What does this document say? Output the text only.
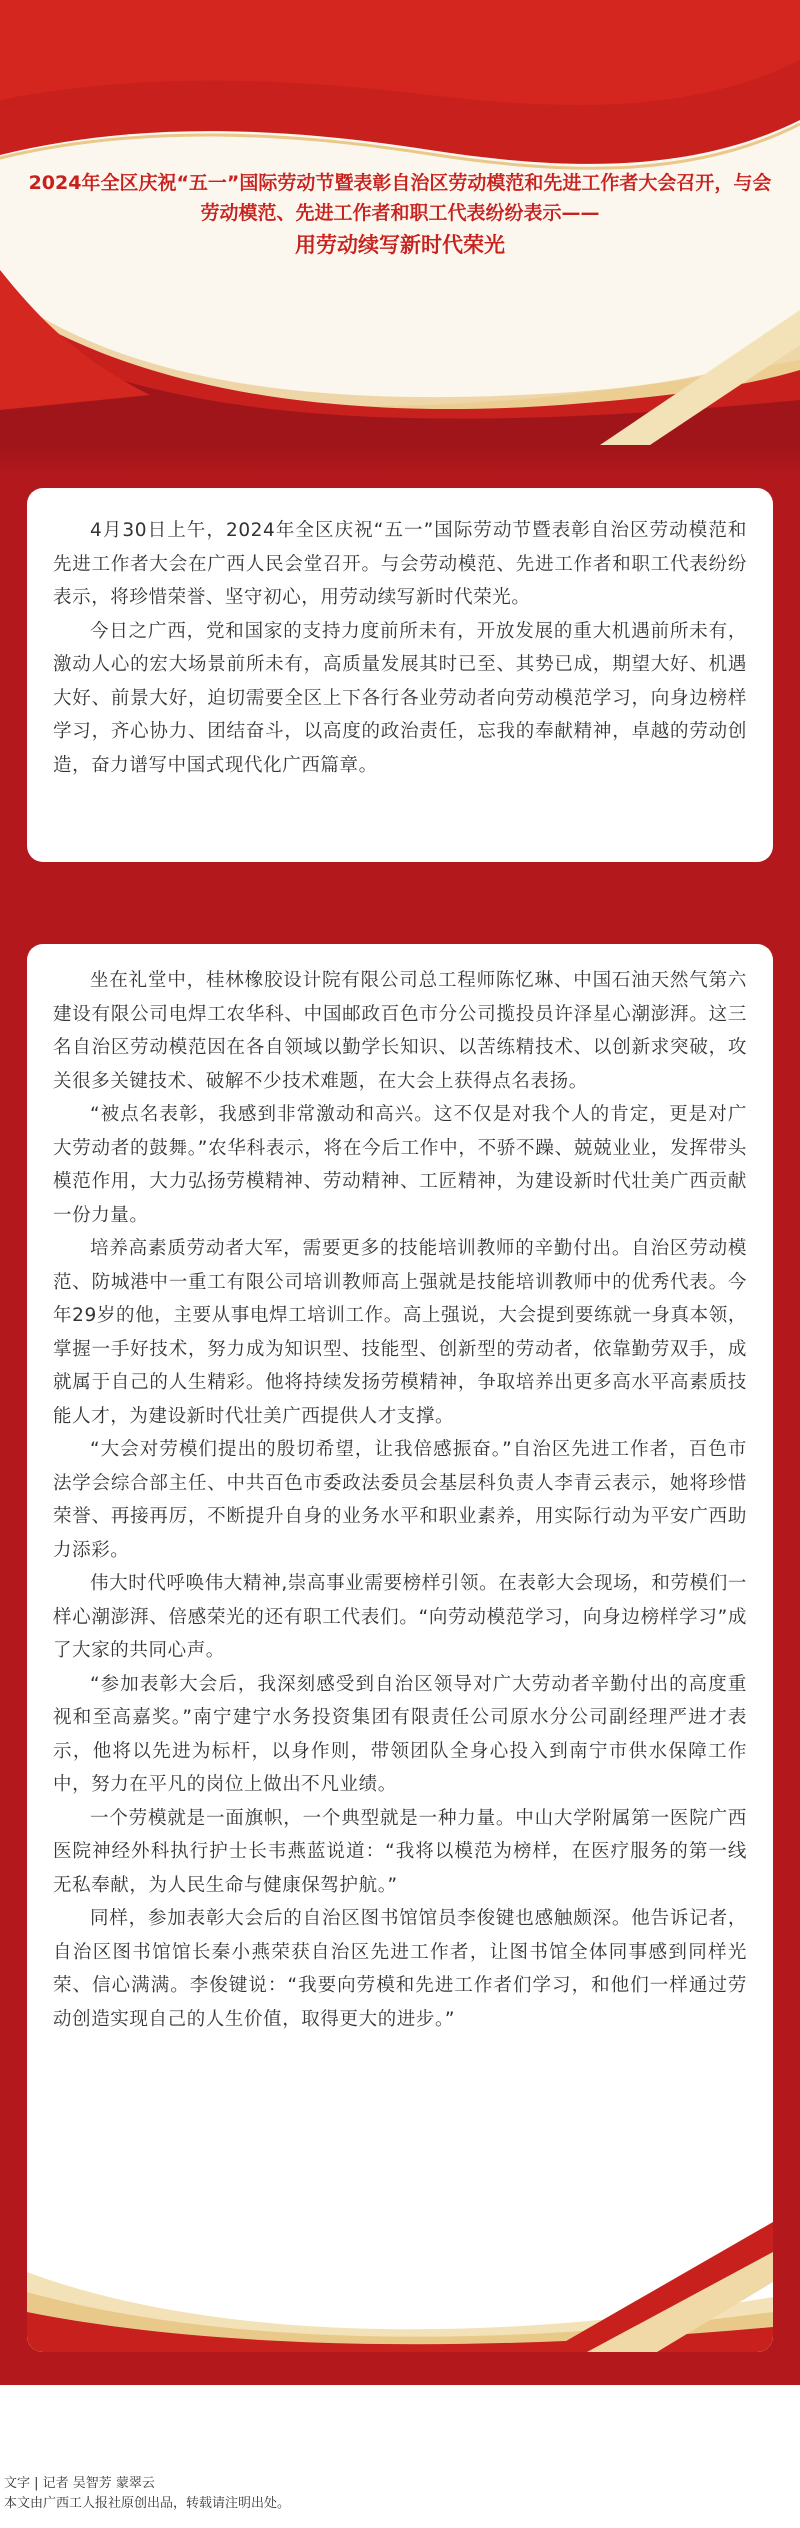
2024年全区庆祝“五一”国际劳动节暨表彰自治区劳动模范和先进工作者大会召开，与会劳动模范、先进工作者和职工代表纷纷表示——
用劳动续写新时代荣光

4月30日上午，2024年全区庆祝“五一”国际劳动节暨表彰自治区劳动模范和先进工作者大会在广西人民会堂召开。与会劳动模范、先进工作者和职工代表纷纷表示，将珍惜荣誉、坚守初心，用劳动续写新时代荣光。

今日之广西，党和国家的支持力度前所未有，开放发展的重大机遇前所未有，激动人心的宏大场景前所未有，高质量发展其时已至、其势已成，期望大好、机遇大好、前景大好，迫切需要全区上下各行各业劳动者向劳动模范学习，向身边榜样学习，齐心协力、团结奋斗，以高度的政治责任，忘我的奉献精神，卓越的劳动创造，奋力谱写中国式现代化广西篇章。

坐在礼堂中，桂林橡胶设计院有限公司总工程师陈忆琳、中国石油天然气第六建设有限公司电焊工农华科、中国邮政百色市分公司揽投员许泽星心潮澎湃。这三名自治区劳动模范因在各自领域以勤学长知识、以苦练精技术、以创新求突破，攻关很多关键技术、破解不少技术难题，在大会上获得点名表扬。

“被点名表彰，我感到非常激动和高兴。这不仅是对我个人的肯定，更是对广大劳动者的鼓舞。”农华科表示，将在今后工作中，不骄不躁、兢兢业业，发挥带头模范作用，大力弘扬劳模精神、劳动精神、工匠精神，为建设新时代壮美广西贡献一份力量。

培养高素质劳动者大军，需要更多的技能培训教师的辛勤付出。自治区劳动模范、防城港中一重工有限公司培训教师高上强就是技能培训教师中的优秀代表。今年29岁的他，主要从事电焊工培训工作。高上强说，大会提到要练就一身真本领，掌握一手好技术，努力成为知识型、技能型、创新型的劳动者，依靠勤劳双手，成就属于自己的人生精彩。他将持续发扬劳模精神，争取培养出更多高水平高素质技能人才，为建设新时代壮美广西提供人才支撑。

“大会对劳模们提出的殷切希望，让我倍感振奋。”自治区先进工作者，百色市法学会综合部主任、中共百色市委政法委员会基层科负责人李青云表示，她将珍惜荣誉、再接再厉，不断提升自身的业务水平和职业素养，用实际行动为平安广西助力添彩。

伟大时代呼唤伟大精神,崇高事业需要榜样引领。在表彰大会现场，和劳模们一样心潮澎湃、倍感荣光的还有职工代表们。“向劳动模范学习，向身边榜样学习”成了大家的共同心声。

“参加表彰大会后，我深刻感受到自治区领导对广大劳动者辛勤付出的高度重视和至高嘉奖。”南宁建宁水务投资集团有限责任公司原水分公司副经理严进才表示，他将以先进为标杆，以身作则，带领团队全身心投入到南宁市供水保障工作中，努力在平凡的岗位上做出不凡业绩。

一个劳模就是一面旗帜，一个典型就是一种力量。中山大学附属第一医院广西医院神经外科执行护士长韦燕蓝说道：“我将以模范为榜样，在医疗服务的第一线无私奉献，为人民生命与健康保驾护航。”

同样，参加表彰大会后的自治区图书馆馆员李俊键也感触颇深。他告诉记者，自治区图书馆馆长秦小燕荣获自治区先进工作者，让图书馆全体同事感到同样光荣、信心满满。李俊键说：“我要向劳模和先进工作者们学习，和他们一样通过劳动创造实现自己的人生价值，取得更大的进步。”

文字 | 记者 吴智芳 蒙翠云
本文由广西工人报社原创出品，转载请注明出处。
